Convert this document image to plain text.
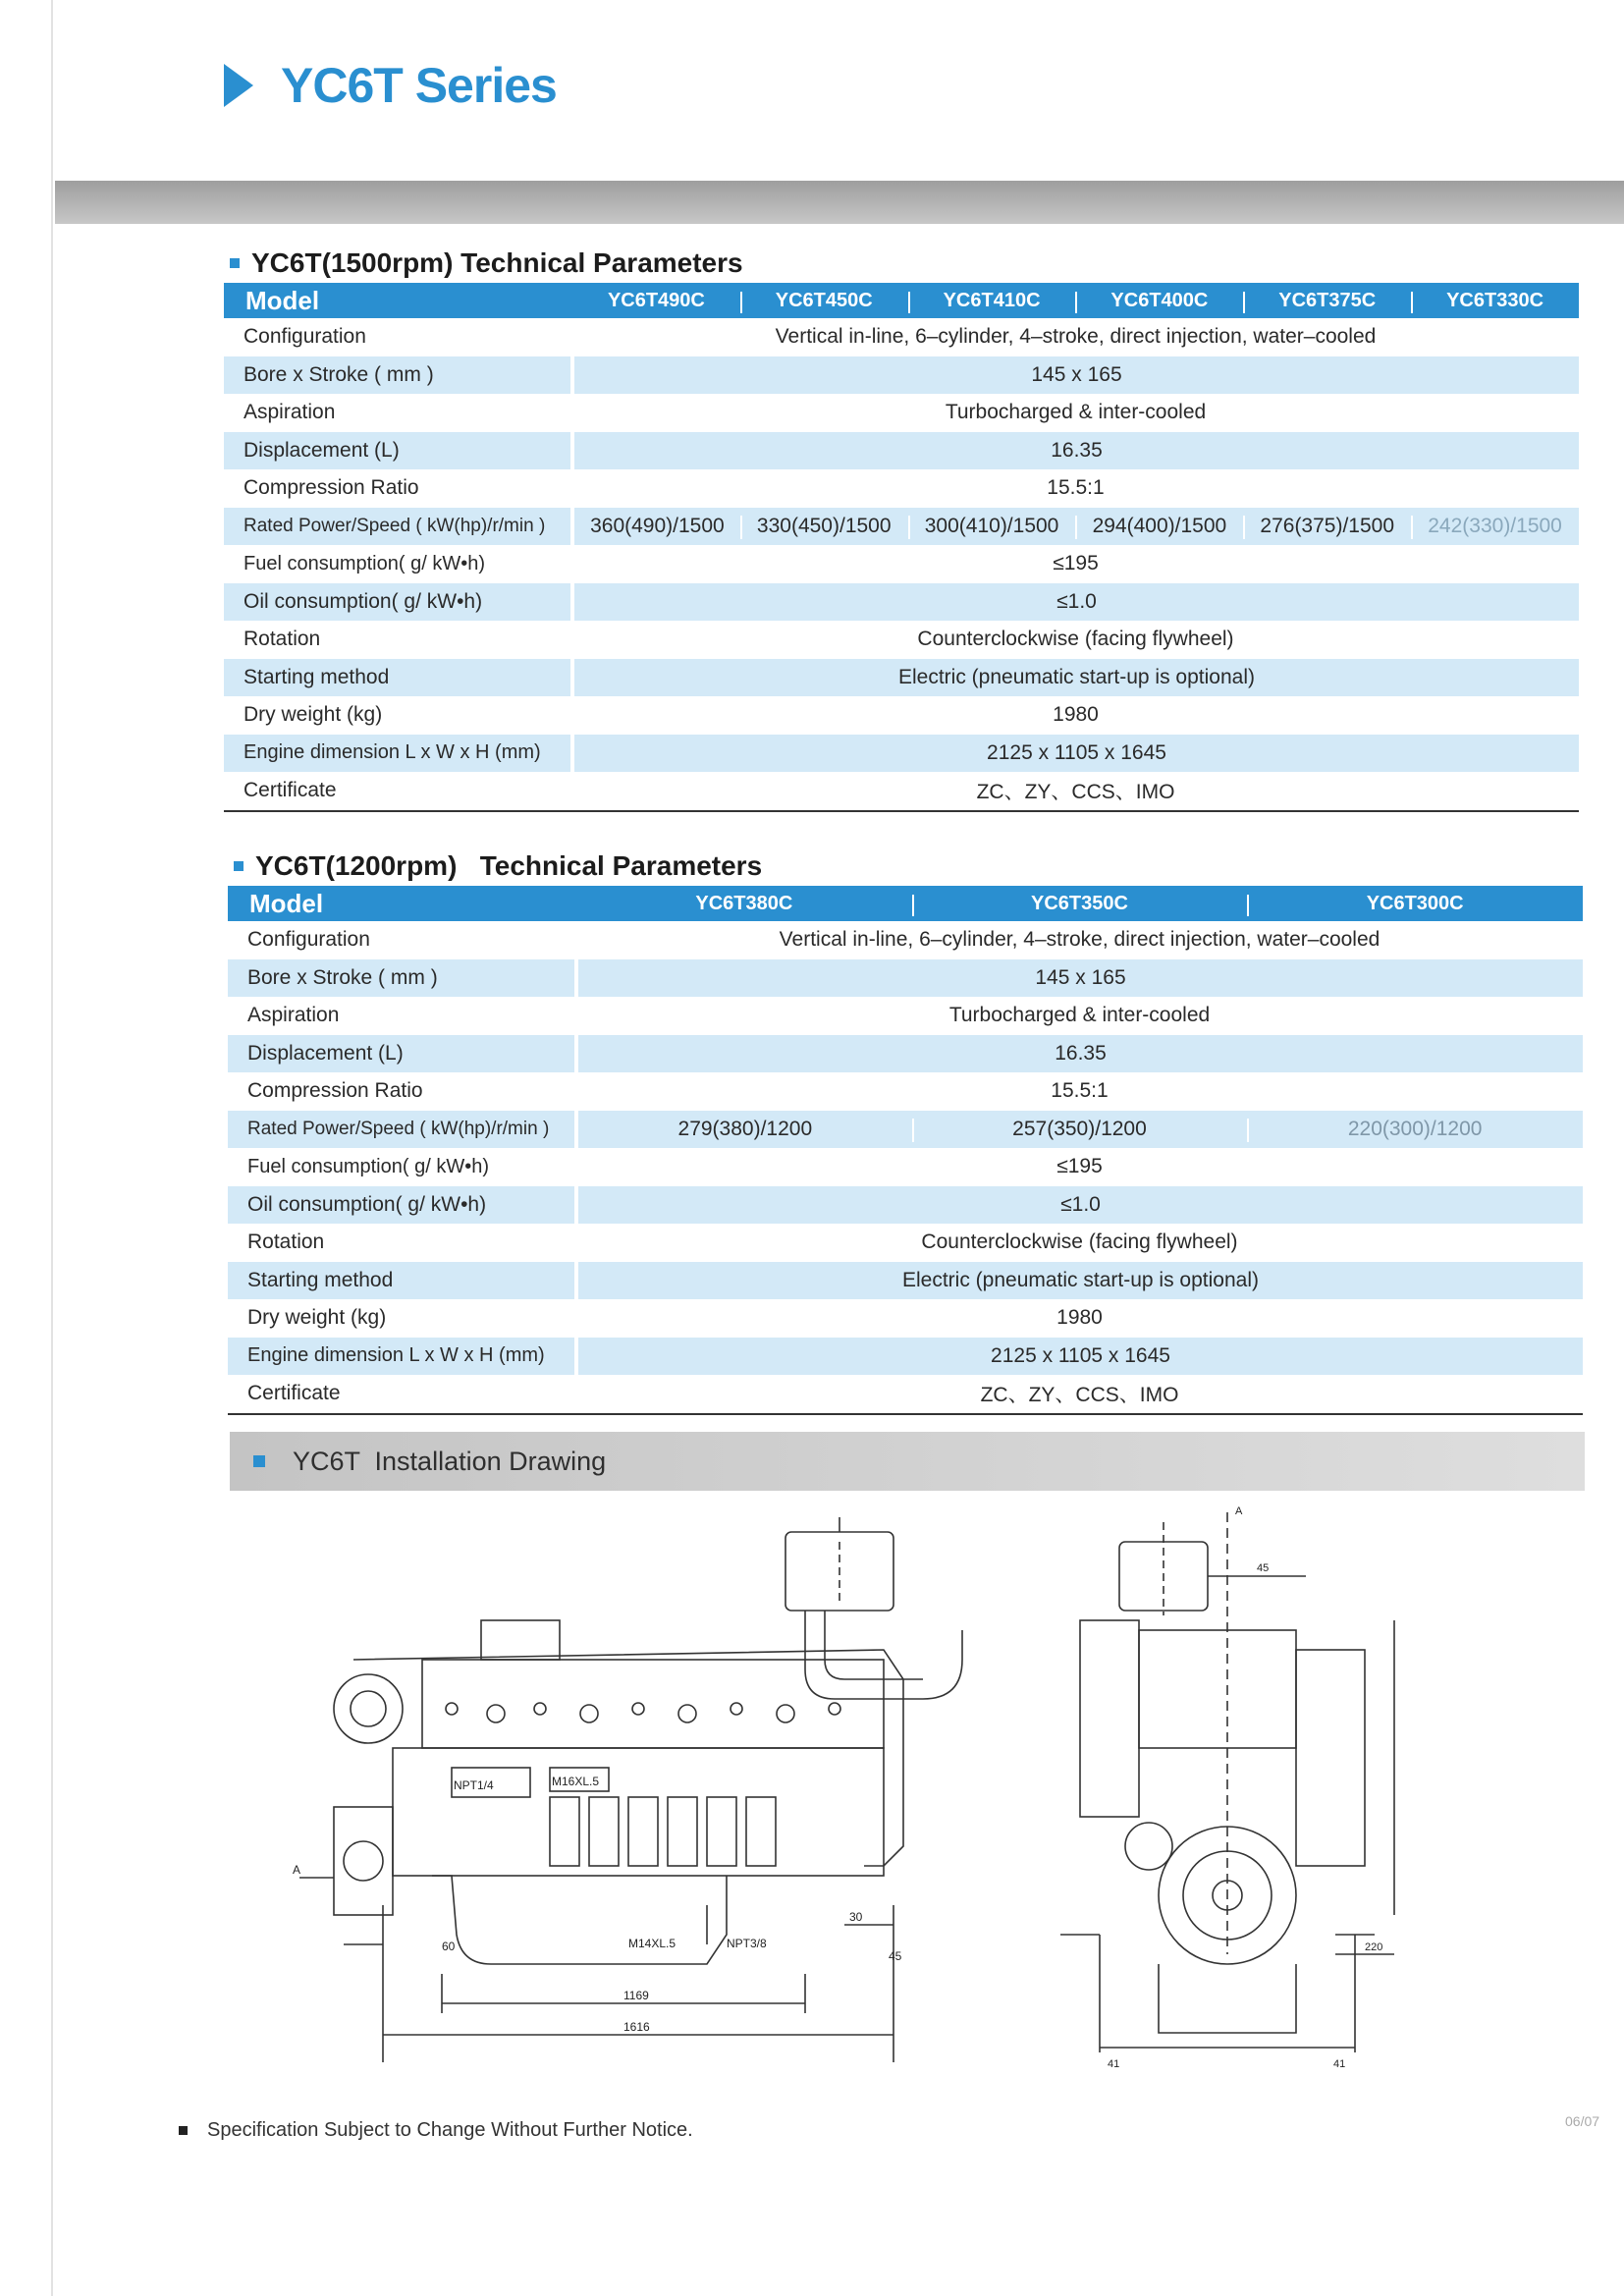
YC6T Series
YC6T(1500rpm) Technical Parameters
Model	YC6T490C	YC6T450C	YC6T410C	YC6T400C	YC6T375C	YC6T330C
Configuration	Vertical in-line, 6–cylinder, 4–stroke, direct injection, water–cooled					
Bore x Stroke ( mm )	145 x 165					
Aspiration	Turbocharged & inter-cooled					
Displacement (L)	16.35					
Compression Ratio	15.5:1					
Rated Power/Speed ( kW(hp)/r/min )	360(490)/1500	330(450)/1500	300(410)/1500	294(400)/1500	276(375)/1500	242(330)/1500
Fuel consumption( g/ kW•h)	≤195					
Oil consumption( g/ kW•h)	≤1.0					
Rotation	Counterclockwise (facing flywheel)					
Starting method	Electric (pneumatic start-up is optional)					
Dry weight (kg)	1980					
Engine dimension L x W x H (mm)	2125 x 1105 x 1645					
Certificate	ZC、ZY、CCS、IMO					
YC6T(1200rpm)   Technical Parameters
Model	YC6T380C	YC6T350C	YC6T300C
Configuration	Vertical in-line, 6–cylinder, 4–stroke, direct injection, water–cooled		
Bore x Stroke ( mm )	145 x 165		
Aspiration	Turbocharged & inter-cooled		
Displacement (L)	16.35		
Compression Ratio	15.5:1		
Rated Power/Speed ( kW(hp)/r/min )	279(380)/1200	257(350)/1200	220(300)/1200
Fuel consumption( g/ kW•h)	≤195		
Oil consumption( g/ kW•h)	≤1.0		
Rotation	Counterclockwise (facing flywheel)		
Starting method	Electric (pneumatic start-up is optional)		
Dry weight (kg)	1980		
Engine dimension L x W x H (mm)	2125 x 1105 x 1645		
Certificate	ZC、ZY、CCS、IMO		
YC6T  Installation Drawing
A
NPT1/4	M16XL.5
M14XL.5	NPT3/8
1169
1616
60
30
45
A
45
41	41
220
Specification Subject to Change Without Further Notice.	06/07
